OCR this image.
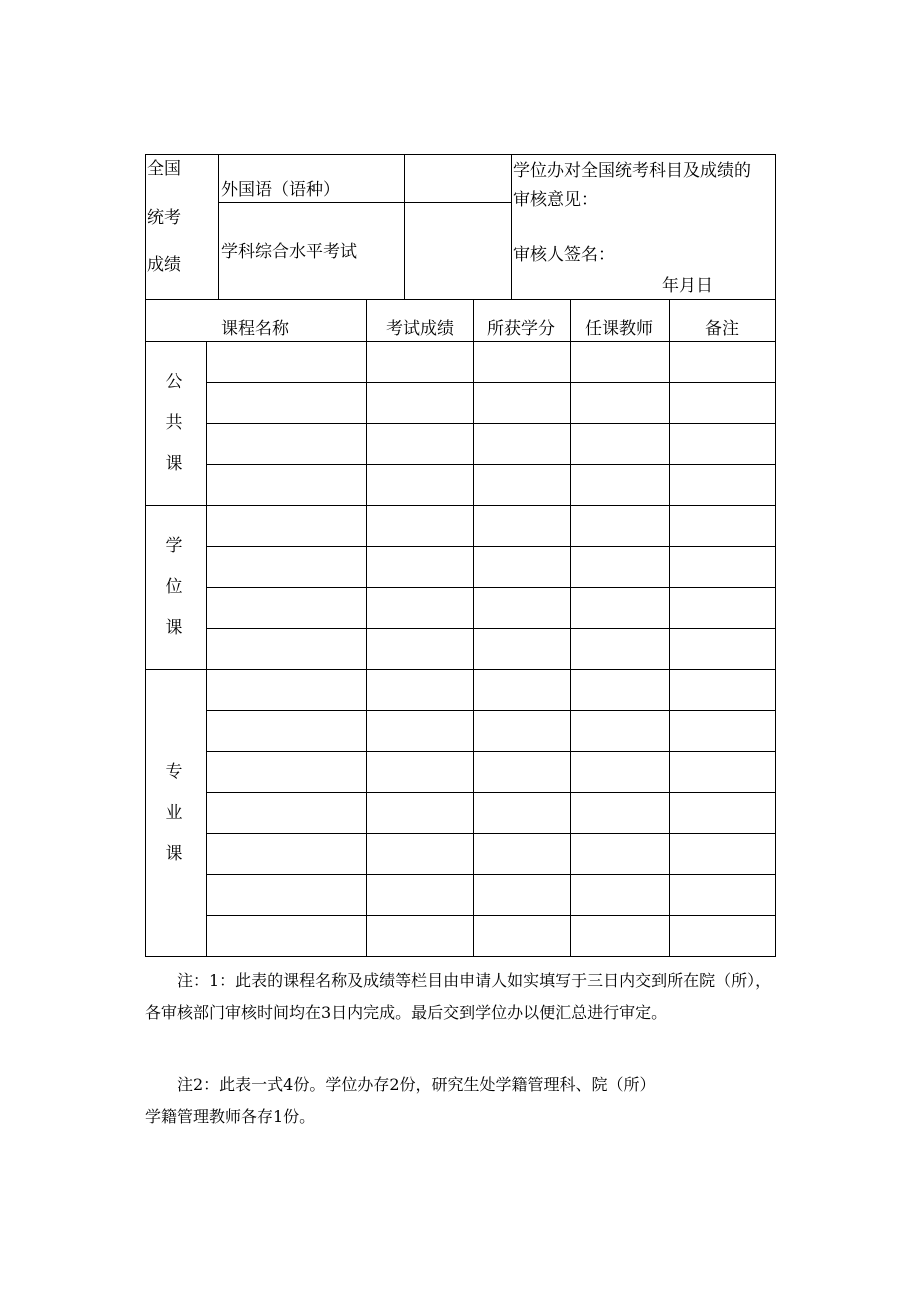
全国
统考
成绩
外国语（语种）
学科综合水平考试
学位办对全国统考科目及成绩的
审核意见：
审核人签名：
年月日
课程名称	考试成绩 所获学分 任课教师	备注
公
共
课
学
位
课
专
业
课
注：1：此表的课程名称及成绩等栏目由申请人如实填写于三日内交到所在院（所），各审核部门审核时间均在3日内完成。最后交到学位办以便汇总进行审定。
注2：此表一式4份。学位办存2份，研究生处学籍管理科、院（所）
学籍管理教师各存1份。
